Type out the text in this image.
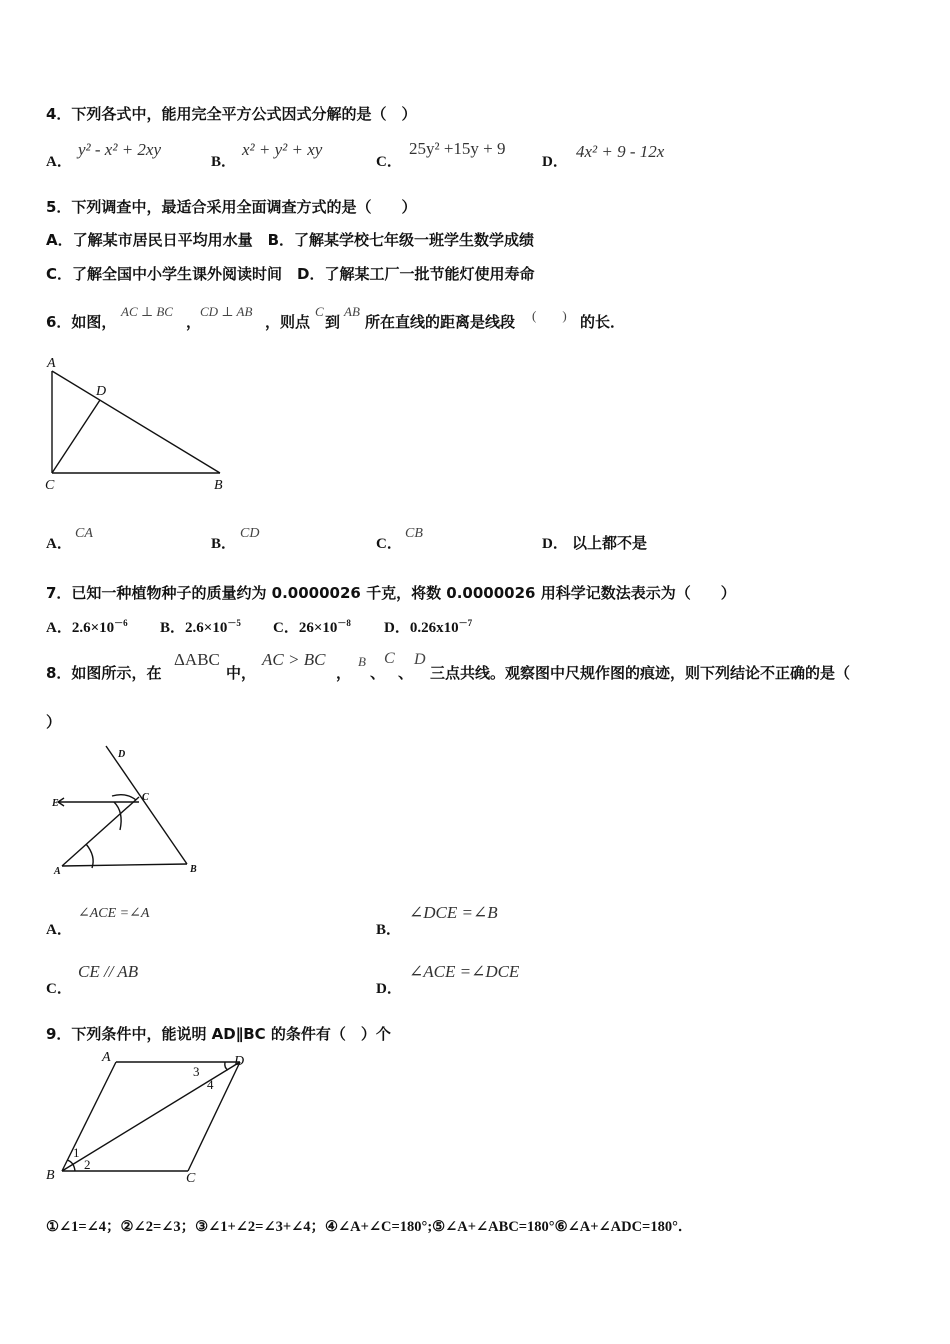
4．下列各式中，能用完全平方公式因式分解的是（　）
A．
y² - x² + 2xy
B．
x² + y² + xy
C．
25y² +15y + 9
D．
4x² + 9 - 12x
5．下列调查中，最适合采用全面调查方式的是（　　）
A．了解某市居民日平均用水量　B．了解某学校七年级一班学生数学成绩
C．了解全国中小学生课外阅读时间　D．了解某工厂一批节能灯使用寿命
6．如图，
AC ⊥ BC
，
CD ⊥ AB
，则点
C
到
AB
所在直线的距离是线段 (　　) 的长．
A
D
C	B
A．
CA
B．
CD
C．
CB
D． 以上都不是
7．已知一种植物种子的质量约为 0.0000026 千克，将数 0.0000026 用科学记数法表示为（　　）
A．$2.6\times 10^{-6}$ B．$2.6\times 10^{-5}$ C．$26\times 10^{-8}$ D．$0.26x10^{-7}$
8．如图所示，在
ΔABC
中，
AC > BC
，
B
、
C
、
D
三点共线。观察图中尺规作图的痕迹，则下列结论不正确的是（
）
D
E
C
A	B
A．
∠ACE =∠A
B．
∠DCE =∠B
C．
CE // AB
D．
∠ACE =∠DCE
9．下列条件中，能说明 AD∥BC 的条件有（　）个
A	D
B	C
1
2
3
4
①∠1=∠4；②∠2=∠3；③∠1+∠2=∠3+∠4；④∠A+∠C=180°;⑤∠A+∠ABC=180°⑥∠A+∠ADC=180°．
